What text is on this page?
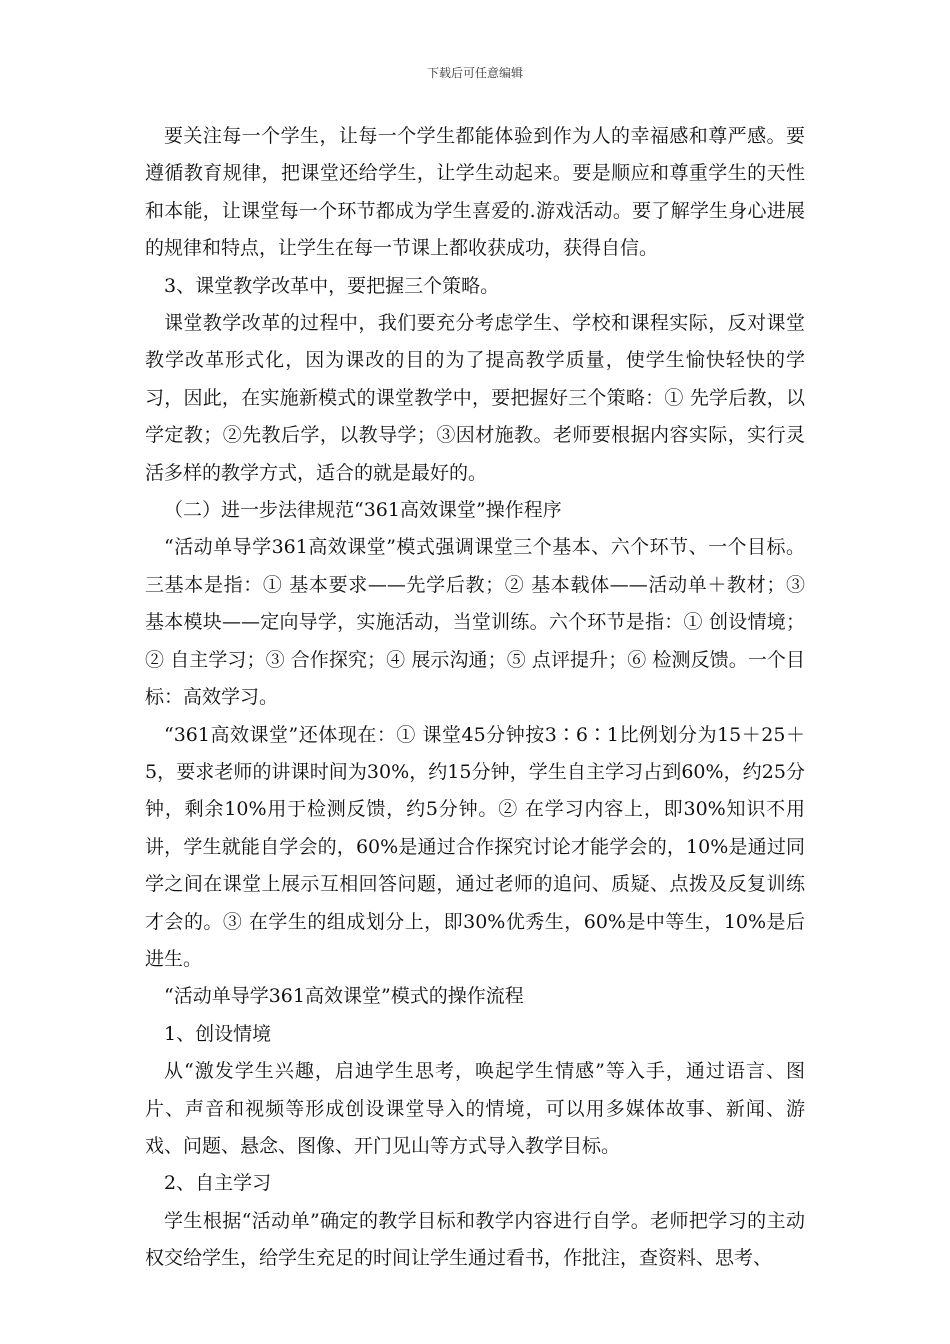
下载后可任意编辑

要关注每一个学生，让每一个学生都能体验到作为人的幸福感和尊严感。要遵循教育规律，把课堂还给学生，让学生动起来。要是顺应和尊重学生的天性和本能，让课堂每一个环节都成为学生喜爱的.游戏活动。要了解学生身心进展的规律和特点，让学生在每一节课上都收获成功，获得自信。

3、课堂教学改革中，要把握三个策略。

课堂教学改革的过程中，我们要充分考虑学生、学校和课程实际，反对课堂教学改革形式化，因为课改的目的为了提高教学质量，使学生愉快轻快的学习，因此，在实施新模式的课堂教学中，要把握好三个策略：① 先学后教，以学定教；②先教后学，以教导学；③因材施教。老师要根据内容实际，实行灵活多样的教学方式，适合的就是最好的。

（二）进一步法律规范“361高效课堂”操作程序

“活动单导学361高效课堂”模式强调课堂三个基本、六个环节、一个目标。三基本是指：① 基本要求——先学后教；② 基本载体——活动单＋教材；③ 基本模块——定向导学，实施活动，当堂训练。六个环节是指：① 创设情境；② 自主学习；③ 合作探究；④ 展示沟通；⑤ 点评提升；⑥ 检测反馈。一个目标：高效学习。

“361高效课堂”还体现在：① 课堂45分钟按3∶6∶1比例划分为15＋25＋5，要求老师的讲课时间为30%，约15分钟，学生自主学习占到60%，约25分钟，剩余10%用于检测反馈，约5分钟。② 在学习内容上，即30%知识不用讲，学生就能自学会的，60%是通过合作探究讨论才能学会的，10%是通过同学之间在课堂上展示互相回答问题，通过老师的追问、质疑、点拨及反复训练才会的。③ 在学生的组成划分上，即30%优秀生，60%是中等生，10%是后进生。

“活动单导学361高效课堂”模式的操作流程

1、创设情境

从“激发学生兴趣，启迪学生思考，唤起学生情感”等入手，通过语言、图片、声音和视频等形成创设课堂导入的情境，可以用多媒体故事、新闻、游戏、问题、悬念、图像、开门见山等方式导入教学目标。

2、自主学习

学生根据“活动单”确定的教学目标和教学内容进行自学。老师把学习的主动权交给学生，给学生充足的时间让学生通过看书，作批注，查资料、思考、
